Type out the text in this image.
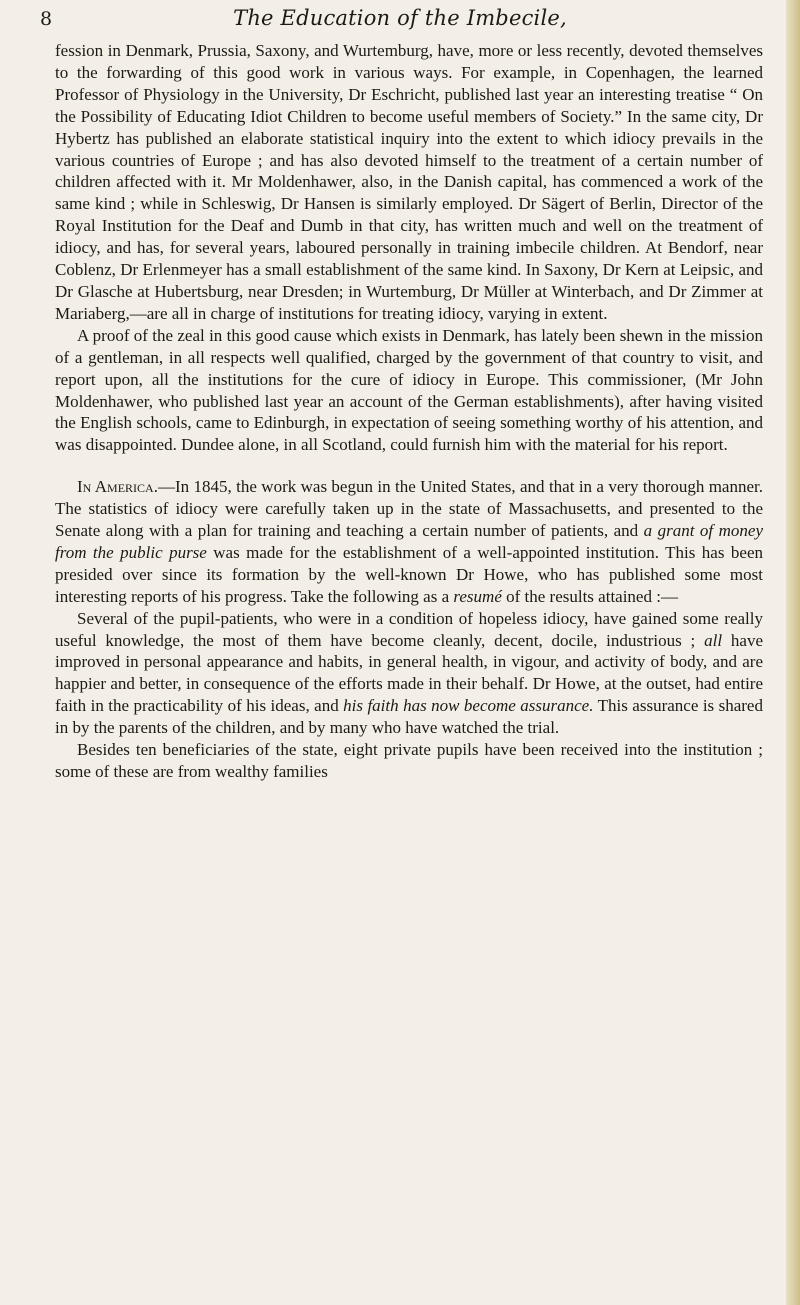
8	The Education of the Imbecile,

fession in Denmark, Prussia, Saxony, and Wurtemburg, have, more or less recently, devoted themselves to the forwarding of this good work in various ways. For example, in Copenhagen, the learned Professor of Physiology in the University, Dr Eschricht, published last year an interesting treatise “ On the Possibility of Educating Idiot Children to become useful members of Society.” In the same city, Dr Hybertz has published an elaborate statistical inquiry into the extent to which idiocy prevails in the various countries of Europe ; and has also devoted himself to the treatment of a certain number of children affected with it. Mr Moldenhawer, also, in the Danish capital, has commenced a work of the same kind ; while in Schleswig, Dr Hansen is similarly employed. Dr Sägert of Berlin, Director of the Royal Institution for the Deaf and Dumb in that city, has written much and well on the treatment of idiocy, and has, for several years, laboured personally in training imbecile children. At Bendorf, near Coblenz, Dr Erlenmeyer has a small establishment of the same kind. In Saxony, Dr Kern at Leipsic, and Dr Glasche at Hubertsburg, near Dresden; in Wurtemburg, Dr Müller at Winterbach, and Dr Zimmer at Mariaberg,—are all in charge of institutions for treating idiocy, varying in extent.

A proof of the zeal in this good cause which exists in Denmark, has lately been shewn in the mission of a gentleman, in all respects well qualified, charged by the government of that country to visit, and report upon, all the institutions for the cure of idiocy in Europe. This commissioner, (Mr John Moldenhawer, who published last year an account of the German establishments), after having visited the English schools, came to Edinburgh, in expectation of seeing something worthy of his attention, and was disappointed. Dundee alone, in all Scotland, could furnish him with the material for his report.

In America.—In 1845, the work was begun in the United States, and that in a very thorough manner. The statistics of idiocy were carefully taken up in the state of Massachusetts, and presented to the Senate along with a plan for training and teaching a certain number of patients, and a grant of money from the public purse was made for the establishment of a well-appointed institution. This has been presided over since its formation by the well-known Dr Howe, who has published some most interesting reports of his progress. Take the following as a resumé of the results attained :—

Several of the pupil-patients, who were in a condition of hopeless idiocy, have gained some really useful knowledge, the most of them have become cleanly, decent, docile, industrious ; all have improved in personal appearance and habits, in general health, in vigour, and activity of body, and are happier and better, in consequence of the efforts made in their behalf. Dr Howe, at the outset, had entire faith in the practicability of his ideas, and his faith has now become assurance. This assurance is shared in by the parents of the children, and by many who have watched the trial.

Besides ten beneficiaries of the state, eight private pupils have been received into the institution ; some of these are from wealthy families
